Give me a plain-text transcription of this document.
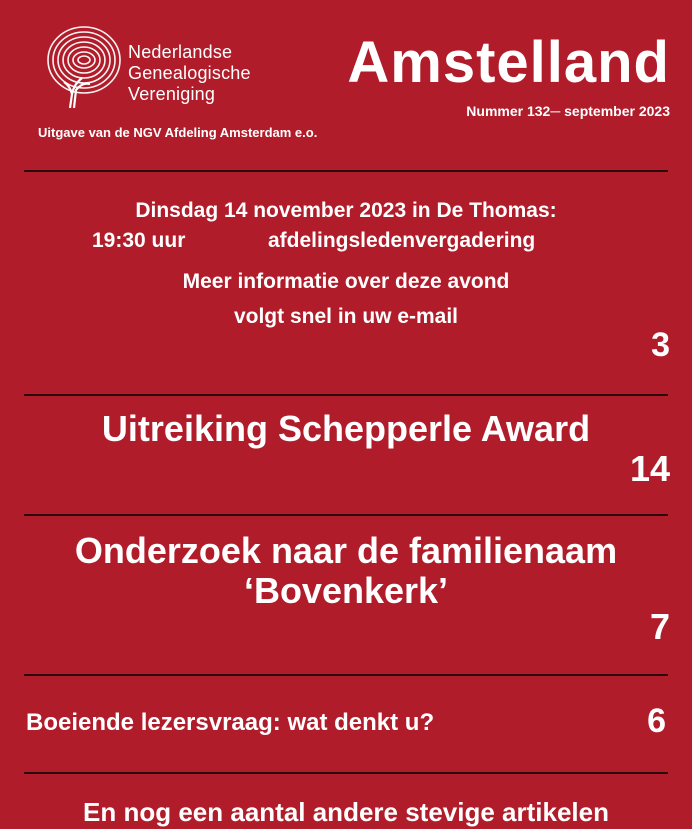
Nederlandse
Genealogische
Vereniging Amstelland
Nummer 132─ september 2023
Uitgave van de NGV Afdeling Amsterdam e.o.
Dinsdag 14 november 2023 in De Thomas:
19:30 uur	afdelingsledenvergadering
Meer informatie over deze avond
volgt snel in uw e-mail
3
Uitreiking Schepperle Award
14
Onderzoek naar de familienaam
‘Bovenkerk’
7
Boeiende lezersvraag: wat denkt u?	6
En nog een aantal andere stevige artikelen
